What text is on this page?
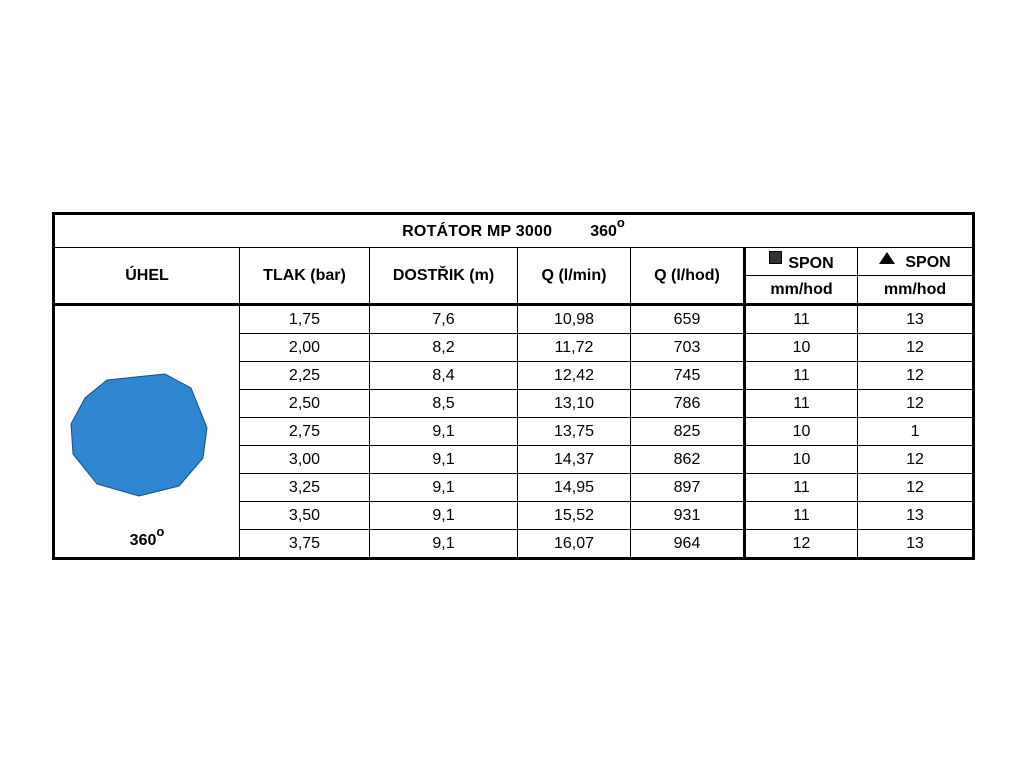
ROTÁTOR MP 3000 360$^o$
ÚHEL	TLAK (bar)	DOSTŘIK (m)	Q (l/min)	Q (l/hod)	SPON	SPON
					mm/hod	mm/hod

360$^o$	1,75	7,6	10,98	659	11	13
	2,00	8,2	11,72	703	10	12
	2,25	8,4	12,42	745	11	12
	2,50	8,5	13,10	786	11	12
	2,75	9,1	13,75	825	10	1
	3,00	9,1	14,37	862	10	12
	3,25	9,1	14,95	897	11	12
	3,50	9,1	15,52	931	11	13
	3,75	9,1	16,07	964	12	13
